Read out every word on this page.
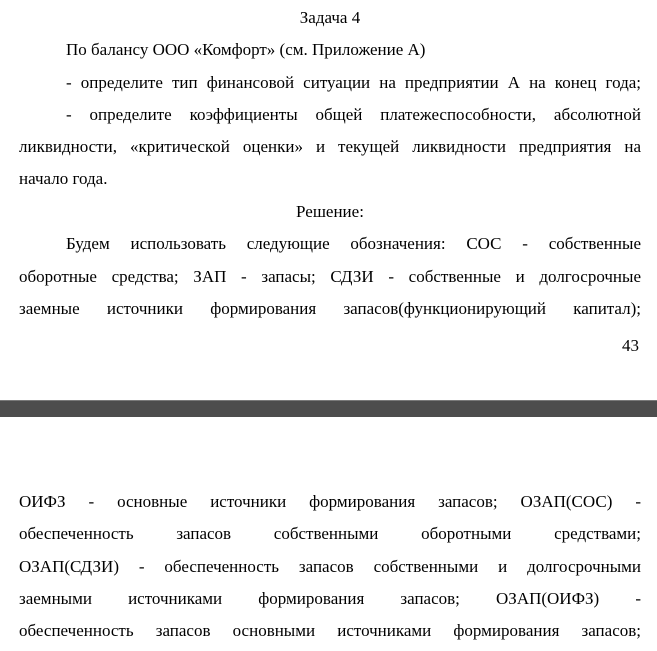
Задача 4
По балансу ООО «Комфорт» (см. Приложение А)
- определите тип финансовой ситуации на предприятии А на конец года;
- определите коэффициенты общей платежеспособности, абсолютной
ликвидности, «критической оценки» и текущей ликвидности предприятия на
начало года.
Решение:
Будем использовать следующие обозначения: СОС - собственные
оборотные средства; ЗАП - запасы; СДЗИ - собственные и долгосрочные
заемные источники формирования запасов(функционирующий капитал);
43
ОИФЗ - основные источники формирования запасов; ОЗАП(СОС) -
обеспеченность запасов собственными оборотными средствами;
ОЗАП(СДЗИ) - обеспеченность запасов собственными и долгосрочными
заемными источниками формирования запасов; ОЗАП(ОИФЗ) -
обеспеченность запасов основными источниками формирования запасов;
